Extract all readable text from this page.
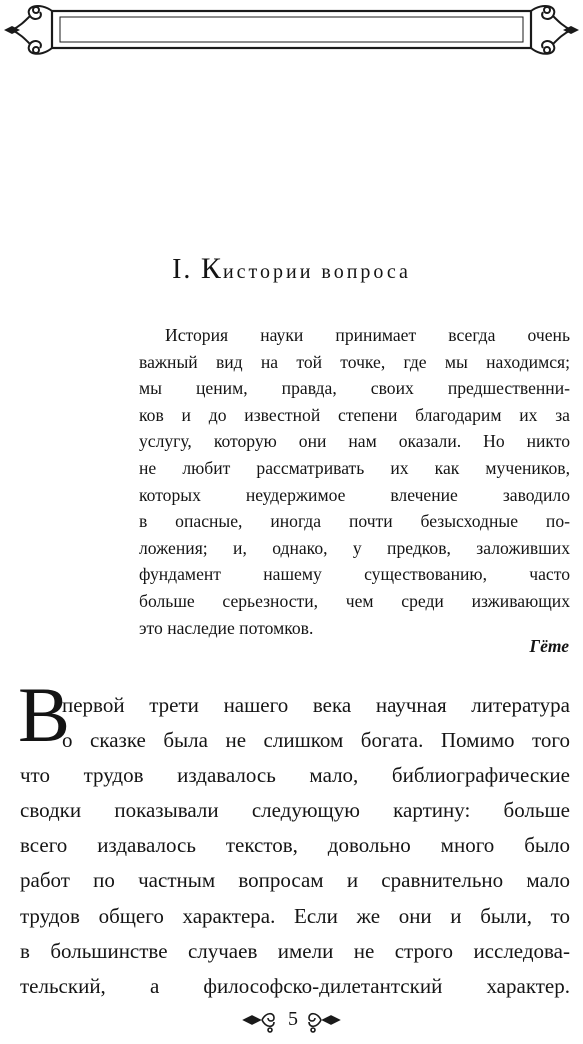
I. Кистории вопроса
История науки принимает всегда очень
важный вид на той точке, где мы находимся;
мы ценим, правда, своих предшественни-
ков и до известной степени благодарим их за
услугу, которую они нам оказали. Но никто
не любит рассматривать их как мучеников,
которых неудержимое влечение заводило
в опасные, иногда почти безысходные по-
ложения; и, однако, у предков, заложивших
фундамент нашему существованию, часто
больше серьезности, чем среди изживающих
это наследие потомков.
Гёте
В
первой трети нашего века научная литература
о сказке была не слишком богата. Помимо того
что трудов издавалось мало, библиографические
сводки показывали следующую картину: больше
всего издавалось текстов, довольно много было
работ по частным вопросам и сравнительно мало
трудов общего характера. Если же они и были, то
в большинстве случаев имели не строго исследова-
тельский, а философско-дилетантский характер.
5
